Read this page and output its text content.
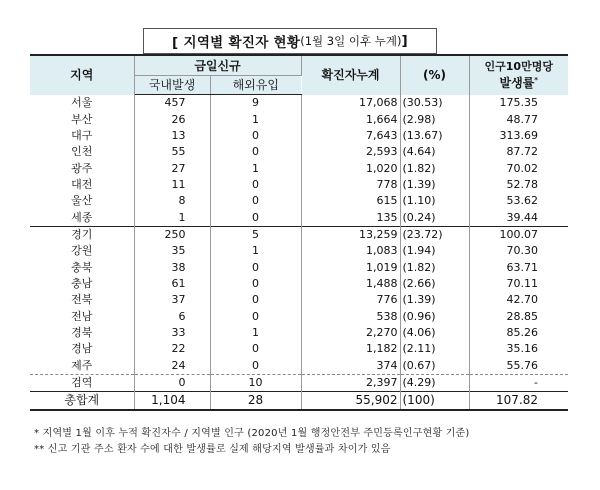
[ 지역별 확진자 현황 (1월 3일 이후 누계) ]
지역	금일신규		확진자누계	(%)	인구10만명당
발생률*

	국내발생	해외유입			
서울	457	9	17,068	(30.53)	175.35
부산	26	1	1,664	(2.98)	48.77
대구	13	0	7,643	(13.67)	313.69
인천	55	0	2,593	(4.64)	87.72
광주	27	1	1,020	(1.82)	70.02
대전	11	0	778	(1.39)	52.78
울산	8	0	615	(1.10)	53.62
세종	1	0	135	(0.24)	39.44
경기	250	5	13,259	(23.72)	100.07
강원	35	1	1,083	(1.94)	70.30
충북	38	0	1,019	(1.82)	63.71
충남	61	0	1,488	(2.66)	70.11
전북	37	0	776	(1.39)	42.70
전남	6	0	538	(0.96)	28.85
경북	33	1	2,270	(4.06)	85.26
경남	22	0	1,182	(2.11)	35.16
제주	24	0	374	(0.67)	55.76
검역	0	10	2,397	(4.29)	-
총합계	1,104	28	55,902	(100)	107.82
* 지역별 1월 이후 누적 확진자수 / 지역별 인구 (2020년 1월 행정안전부 주민등록인구현황 기준)
** 신고 기관 주소 환자 수에 대한 발생률로 실제 해당지역 발생률과 차이가 있음
